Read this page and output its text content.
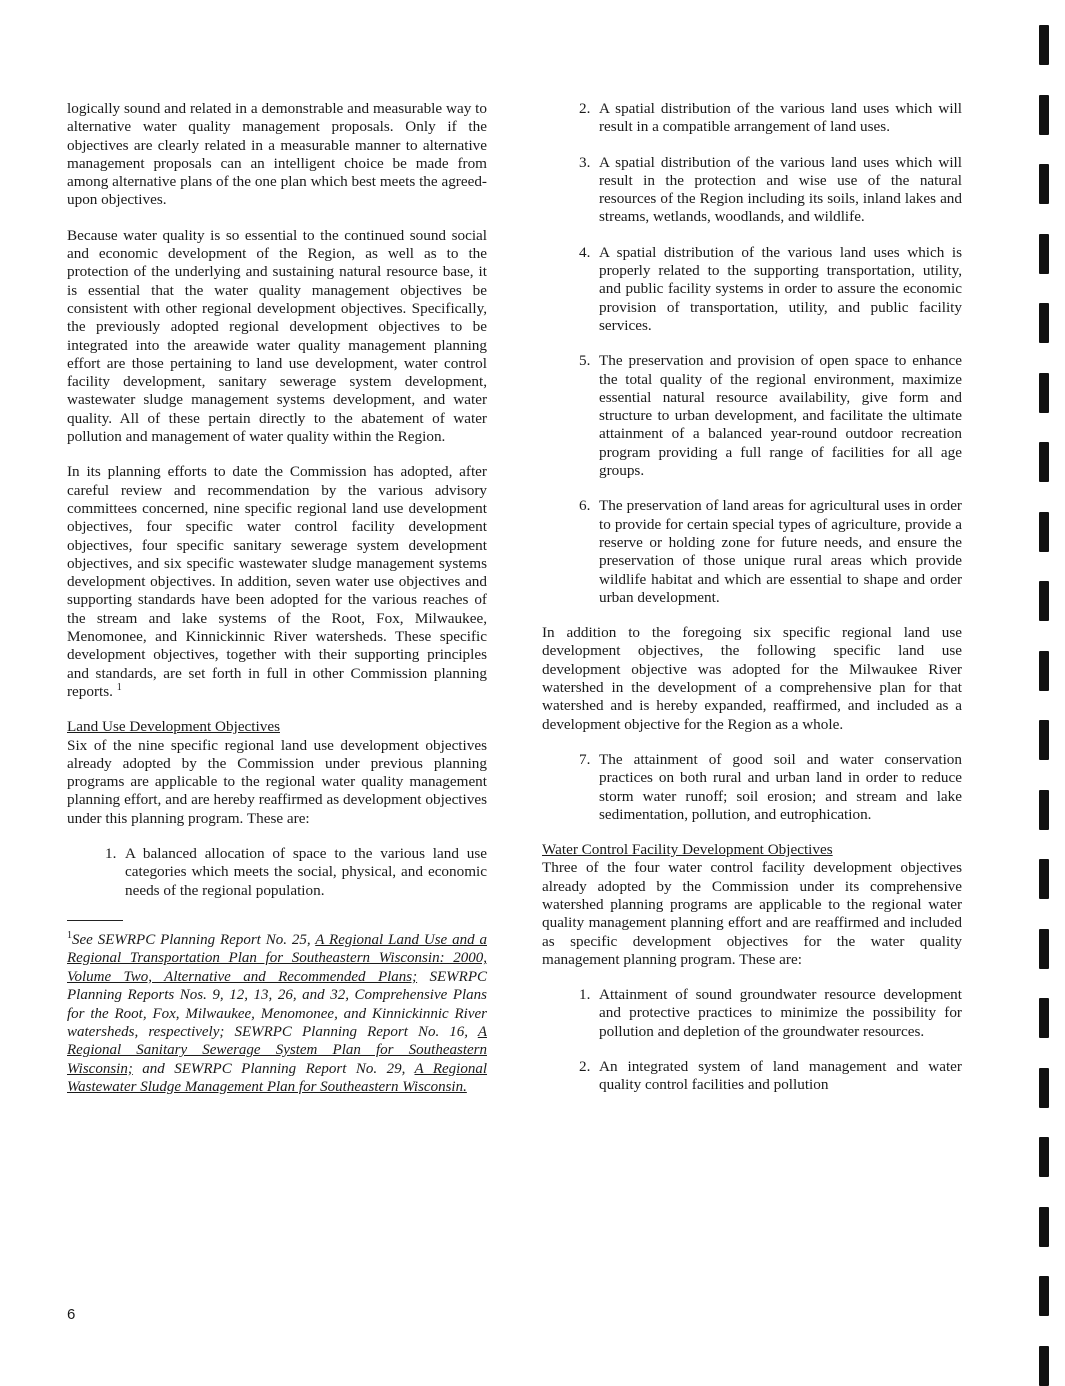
logically sound and related in a demonstrable and measurable way to alternative water quality management proposals. Only if the objectives are clearly related in a measurable manner to alternative management proposals can an intelligent choice be made from among alternative plans of the one plan which best meets the agreed-upon objectives.

Because water quality is so essential to the continued sound social and economic development of the Region, as well as to the protection of the underlying and sustaining natural resource base, it is essential that the water quality management objectives be consistent with other regional development objectives. Specifically, the previously adopted regional development objectives to be integrated into the areawide water quality management planning effort are those pertaining to land use development, water control facility development, sanitary sewerage system development, wastewater sludge management systems development, and water quality. All of these pertain directly to the abatement of water pollution and management of water quality within the Region.

In its planning efforts to date the Commission has adopted, after careful review and recommendation by the various advisory committees concerned, nine specific regional land use development objectives, four specific water control facility development objectives, four specific sanitary sewerage system development objectives, and six specific wastewater sludge management systems development objectives. In addition, seven water use objectives and supporting standards have been adopted for the various reaches of the stream and lake systems of the Root, Fox, Milwaukee, Menomonee, and Kinnickinnic River watersheds. These specific development objectives, together with their supporting principles and standards, are set forth in full in other Commission planning reports. $^1$

Land Use Development Objectives

Six of the nine specific regional land use development objectives already adopted by the Commission under previous planning programs are applicable to the regional water quality management planning effort, and are hereby reaffirmed as development objectives under this planning program. These are:

1. A balanced allocation of space to the various land use categories which meets the social, physical, and economic needs of the regional population.
$^1$See SEWRPC Planning Report No. 25, A Regional Land Use and a Regional Transportation Plan for Southeastern Wisconsin: 2000, Volume Two, Alternative and Recommended Plans; SEWRPC Planning Reports Nos. 9, 12, 13, 26, and 32, Comprehensive Plans for the Root, Fox, Milwaukee, Menomonee, and Kinnickinnic River watersheds, respectively; SEWRPC Planning Report No. 16, A Regional Sanitary Sewerage System Plan for Southeastern Wisconsin; and SEWRPC Planning Report No. 29, A Regional Wastewater Sludge Management Plan for Southeastern Wisconsin.
2. A spatial distribution of the various land uses which will result in a compatible arrangement of land uses.
3. A spatial distribution of the various land uses which will result in the protection and wise use of the natural resources of the Region including its soils, inland lakes and streams, wetlands, woodlands, and wildlife.
4. A spatial distribution of the various land uses which is properly related to the supporting transportation, utility, and public facility systems in order to assure the economic provision of transportation, utility, and public facility services.
5. The preservation and provision of open space to enhance the total quality of the regional environment, maximize essential natural resource availability, give form and structure to urban development, and facilitate the ultimate attainment of a balanced year-round outdoor recreation program providing a full range of facilities for all age groups.
6. The preservation of land areas for agricultural uses in order to provide for certain special types of agriculture, provide a reserve or holding zone for future needs, and ensure the preservation of those unique rural areas which provide wildlife habitat and which are essential to shape and order urban development.

In addition to the foregoing six specific regional land use development objectives, the following specific land use development objective was adopted for the Milwaukee River watershed in the development of a comprehensive plan for that watershed and is hereby expanded, reaffirmed, and included as a development objective for the Region as a whole.

7. The attainment of good soil and water conservation practices on both rural and urban land in order to reduce storm water runoff; soil erosion; and stream and lake sedimentation, pollution, and eutrophication.
Water Control Facility Development Objectives

Three of the four water control facility development objectives already adopted by the Commission under its comprehensive watershed planning programs are applicable to the regional water quality management planning effort and are reaffirmed and included as specific development objectives for the water quality management planning program. These are:

1. Attainment of sound groundwater resource development and protective practices to minimize the possibility for pollution and depletion of the groundwater resources.
2. An integrated system of land management and water quality control facilities and pollution
6
